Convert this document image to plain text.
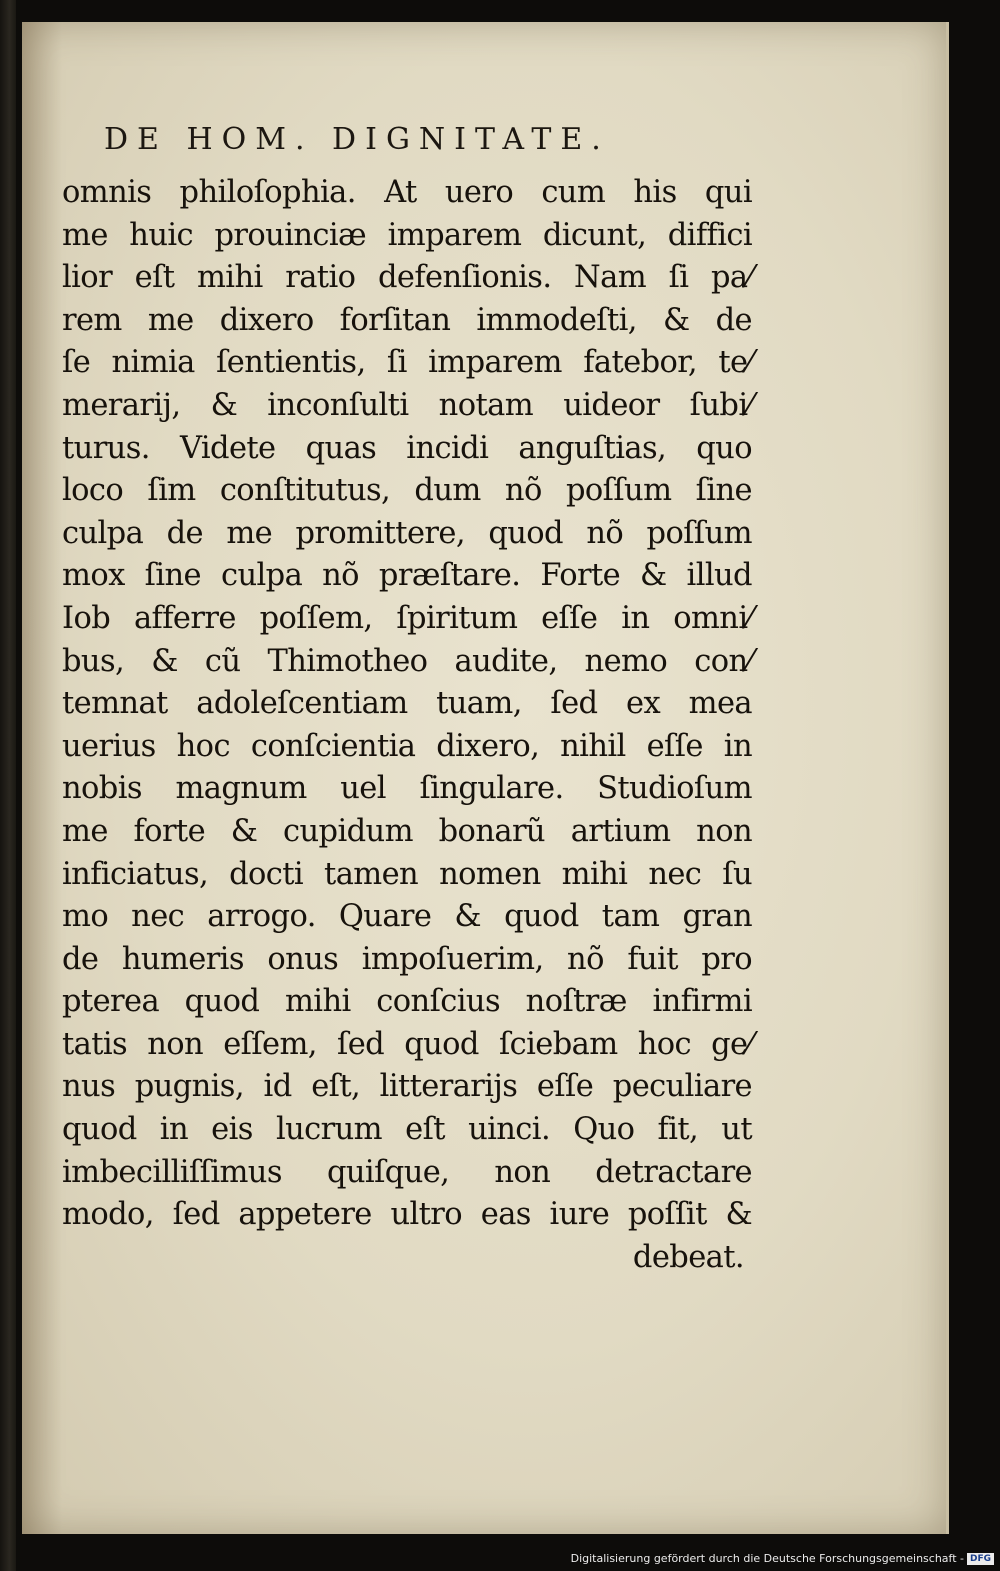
DE HOM. DIGNITATE.
omnis philoſophia. At uero cum his qui
me huic prouinciæ imparem dicunt, diffici
lior eſt mihi ratio defenſionis. Nam ſi pa⁄
rem me dixero forſitan immodeſti, & de
ſe nimia ſentientis, ſi imparem fatebor, te⁄
merarij, & inconſulti notam uideor ſubi⁄
turus. Videte quas incidi anguſtias, quo
loco ſim conſtitutus, dum nõ poſſum ſine
culpa de me promittere, quod nõ poſſum
mox ſine culpa nõ præſtare. Forte & illud
Iob afferre poſſem, ſpiritum eſſe in omni⁄
bus, & cũ Thimotheo audite, nemo con⁄
temnat adoleſcentiam tuam, ſed ex mea
uerius hoc conſcientia dixero, nihil eſſe in
nobis magnum uel ſingulare. Studioſum
me forte & cupidum bonarũ artium non
inficiatus, docti tamen nomen mihi nec ſu
mo nec arrogo. Quare & quod tam gran
de humeris onus impoſuerim, nõ fuit pro
pterea quod mihi conſcius noſtræ infirmi
tatis non eſſem, ſed quod ſciebam hoc ge⁄
nus pugnis, id eſt, litterarijs eſſe peculiare
quod in eis lucrum eſt uinci. Quo fit, ut
imbecilliſſimus quiſque, non detractare
modo, ſed appetere ultro eas iure poſſit &
debeat.
Digitalisierung gefördert durch die Deutsche Forschungsgemeinschaft - DFG
